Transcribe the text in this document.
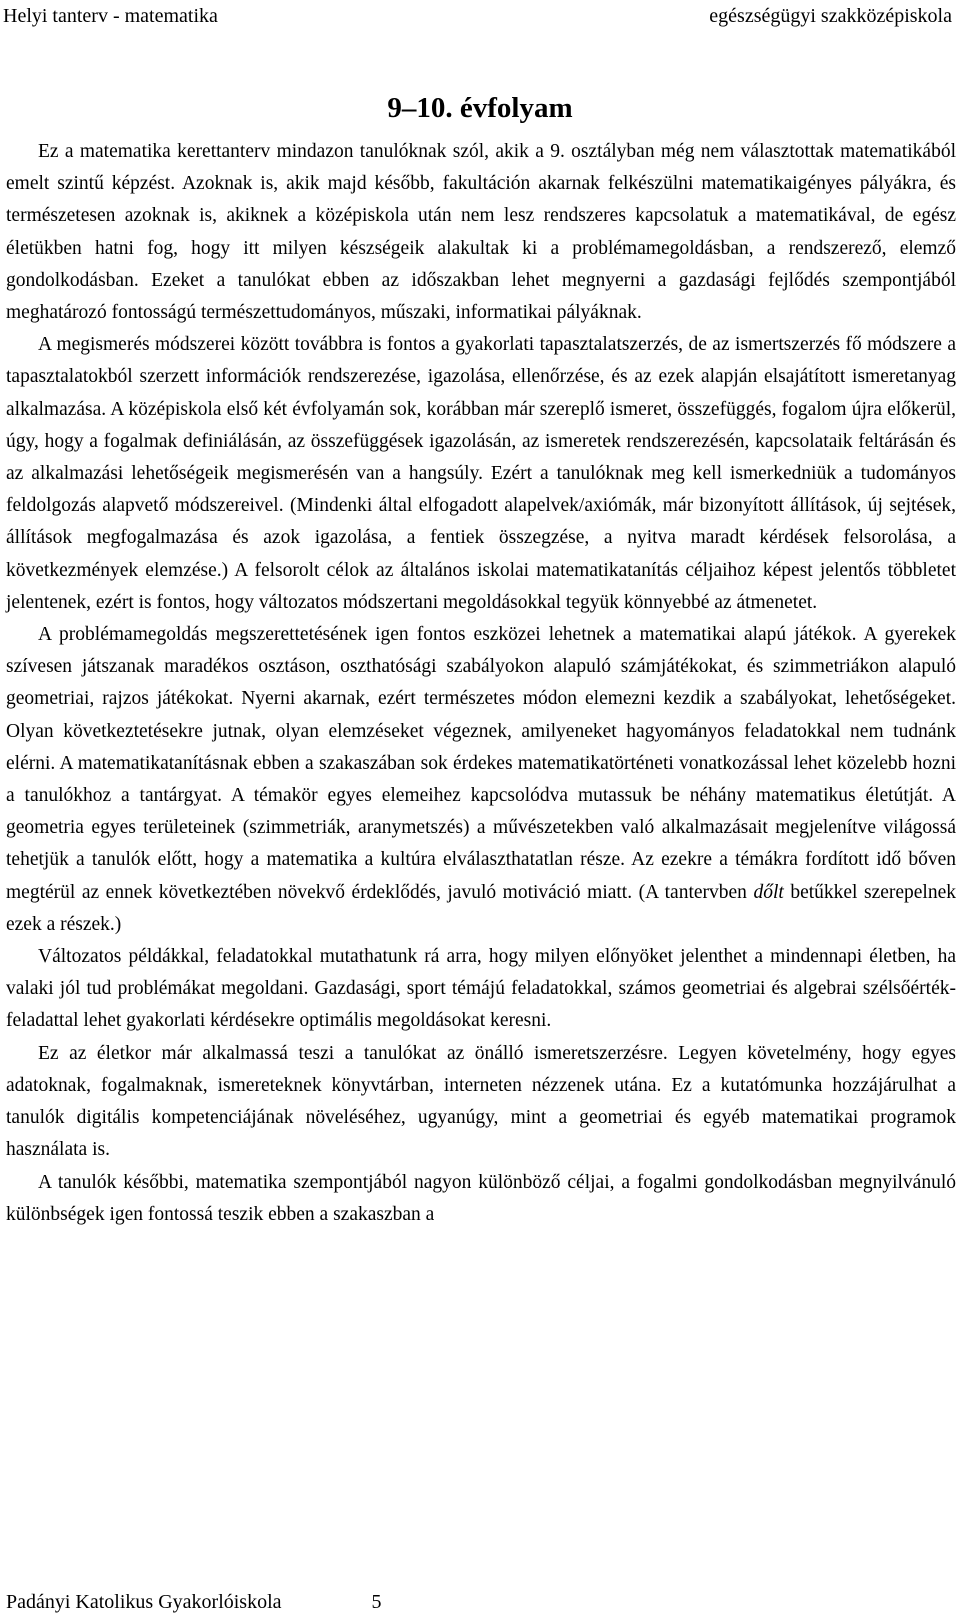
Helyi tanterv - matematika	egészségügyi szakközépiskola
9–10. évfolyam

Ez a matematika kerettanterv mindazon tanulóknak szól, akik a 9. osztályban még nem választottak matematikából emelt szintű képzést. Azoknak is, akik majd később, fakultáción akarnak felkészülni matematikaigényes pályákra, és természetesen azoknak is, akiknek a középiskola után nem lesz rendszeres kapcsolatuk a matematikával, de egész életükben hatni fog, hogy itt milyen készségeik alakultak ki a problémamegoldásban, a rendszerező, elemző gondolkodásban. Ezeket a tanulókat ebben az időszakban lehet megnyerni a gazdasági fejlődés szempontjából meghatározó fontosságú természettudományos, műszaki, informatikai pályáknak.

A megismerés módszerei között továbbra is fontos a gyakorlati tapasztalatszerzés, de az ismertszerzés fő módszere a tapasztalatokból szerzett információk rendszerezése, igazolása, ellenőrzése, és az ezek alapján elsajátított ismeretanyag alkalmazása. A középiskola első két évfolyamán sok, korábban már szereplő ismeret, összefüggés, fogalom újra előkerül, úgy, hogy a fogalmak definiálásán, az összefüggések igazolásán, az ismeretek rendszerezésén, kapcsolataik feltárásán és az alkalmazási lehetőségeik megismerésén van a hangsúly. Ezért a tanulóknak meg kell ismerkedniük a tudományos feldolgozás alapvető módszereivel. (Mindenki által elfogadott alapelvek/axiómák, már bizonyított állítások, új sejtések, állítások megfogalmazása és azok igazolása, a fentiek összegzése, a nyitva maradt kérdések felsorolása, a következmények elemzése.) A felsorolt célok az általános iskolai matematikatanítás céljaihoz képest jelentős többletet jelentenek, ezért is fontos, hogy változatos módszertani megoldásokkal tegyük könnyebbé az átmenetet.

A problémamegoldás megszerettetésének igen fontos eszközei lehetnek a matematikai alapú játékok. A gyerekek szívesen játszanak maradékos osztáson, oszthatósági szabályokon alapuló számjátékokat, és szimmetriákon alapuló geometriai, rajzos játékokat. Nyerni akarnak, ezért természetes módon elemezni kezdik a szabályokat, lehetőségeket. Olyan következtetésekre jutnak, olyan elemzéseket végeznek, amilyeneket hagyományos feladatokkal nem tudnánk elérni. A matematikatanításnak ebben a szakaszában sok érdekes matematikatörténeti vonatkozással lehet közelebb hozni a tanulókhoz a tantárgyat. A témakör egyes elemeihez kapcsolódva mutassuk be néhány matematikus életútját. A geometria egyes területeinek (szimmetriák, aranymetszés) a művészetekben való alkalmazásait megjelenítve világossá tehetjük a tanulók előtt, hogy a matematika a kultúra elválaszthatatlan része. Az ezekre a témákra fordított idő bőven megtérül az ennek következtében növekvő érdeklődés, javuló motiváció miatt. (A tantervben dőlt betűkkel szerepelnek ezek a részek.)

Változatos példákkal, feladatokkal mutathatunk rá arra, hogy milyen előnyöket jelenthet a mindennapi életben, ha valaki jól tud problémákat megoldani. Gazdasági, sport témájú feladatokkal, számos geometriai és algebrai szélsőérték-feladattal lehet gyakorlati kérdésekre optimális megoldásokat keresni.

Ez az életkor már alkalmassá teszi a tanulókat az önálló ismeretszerzésre. Legyen követelmény, hogy egyes adatoknak, fogalmaknak, ismereteknek könyvtárban, interneten nézzenek utána. Ez a kutatómunka hozzájárulhat a tanulók digitális kompetenciájának növeléséhez, ugyanúgy, mint a geometriai és egyéb matematikai programok használata is.

A tanulók későbbi, matematika szempontjából nagyon különböző céljai, a fogalmi gondolkodásban megnyilvánuló különbségek igen fontossá teszik ebben a szakaszban a

Padányi Katolikus Gyakorlóiskola	5
